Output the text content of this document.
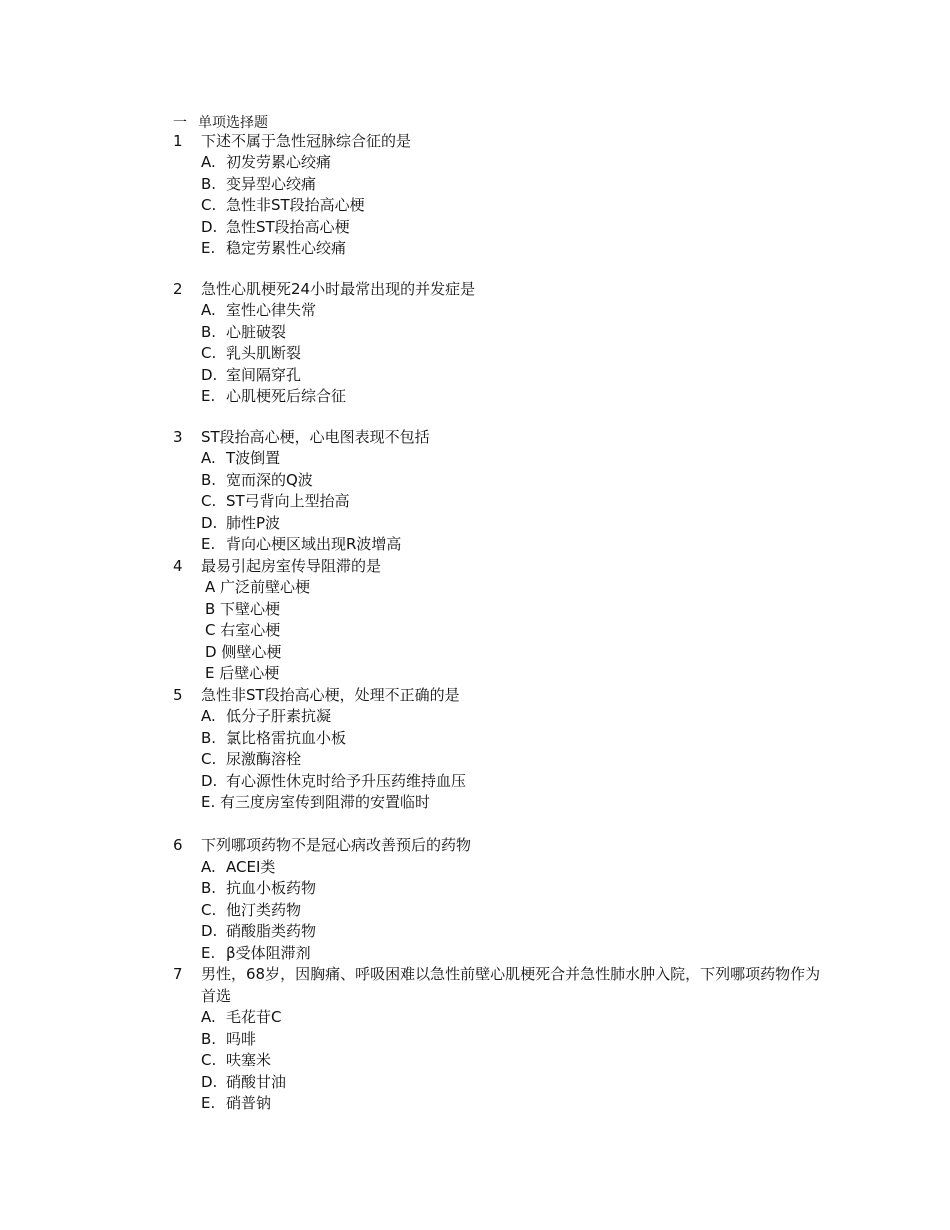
一 单项选择题
1 下述不属于急性冠脉综合征的是
A. 初发劳累心绞痛
B. 变异型心绞痛
C. 急性非ST段抬高心梗
D. 急性ST段抬高心梗
E. 稳定劳累性心绞痛
2 急性心肌梗死24小时最常出现的并发症是
A. 室性心律失常
B. 心脏破裂
C. 乳头肌断裂
D. 室间隔穿孔
E. 心肌梗死后综合征
3 ST段抬高心梗，心电图表现不包括
A. T波倒置
B. 宽而深的Q波
C. ST弓背向上型抬高
D. 肺性P波
E. 背向心梗区域出现R波增高
4 最易引起房室传导阻滞的是
A 广泛前壁心梗
B 下壁心梗
C 右室心梗
D 侧壁心梗
E 后壁心梗
5 急性非ST段抬高心梗，处理不正确的是
A. 低分子肝素抗凝
B. 氯比格雷抗血小板
C. 尿激酶溶栓
D. 有心源性休克时给予升压药维持血压
E. 有三度房室传到阻滞的安置临时
6 下列哪项药物不是冠心病改善预后的药物
A. ACEI类
B. 抗血小板药物
C. 他汀类药物
D. 硝酸脂类药物
E. β受体阻滞剂
7 男性，68岁，因胸痛、呼吸困难以急性前壁心肌梗死合并急性肺水肿入院，下列哪项药物作为首选
A. 毛花苷C
B. 吗啡
C. 呋塞米
D. 硝酸甘油
E. 硝普钠
